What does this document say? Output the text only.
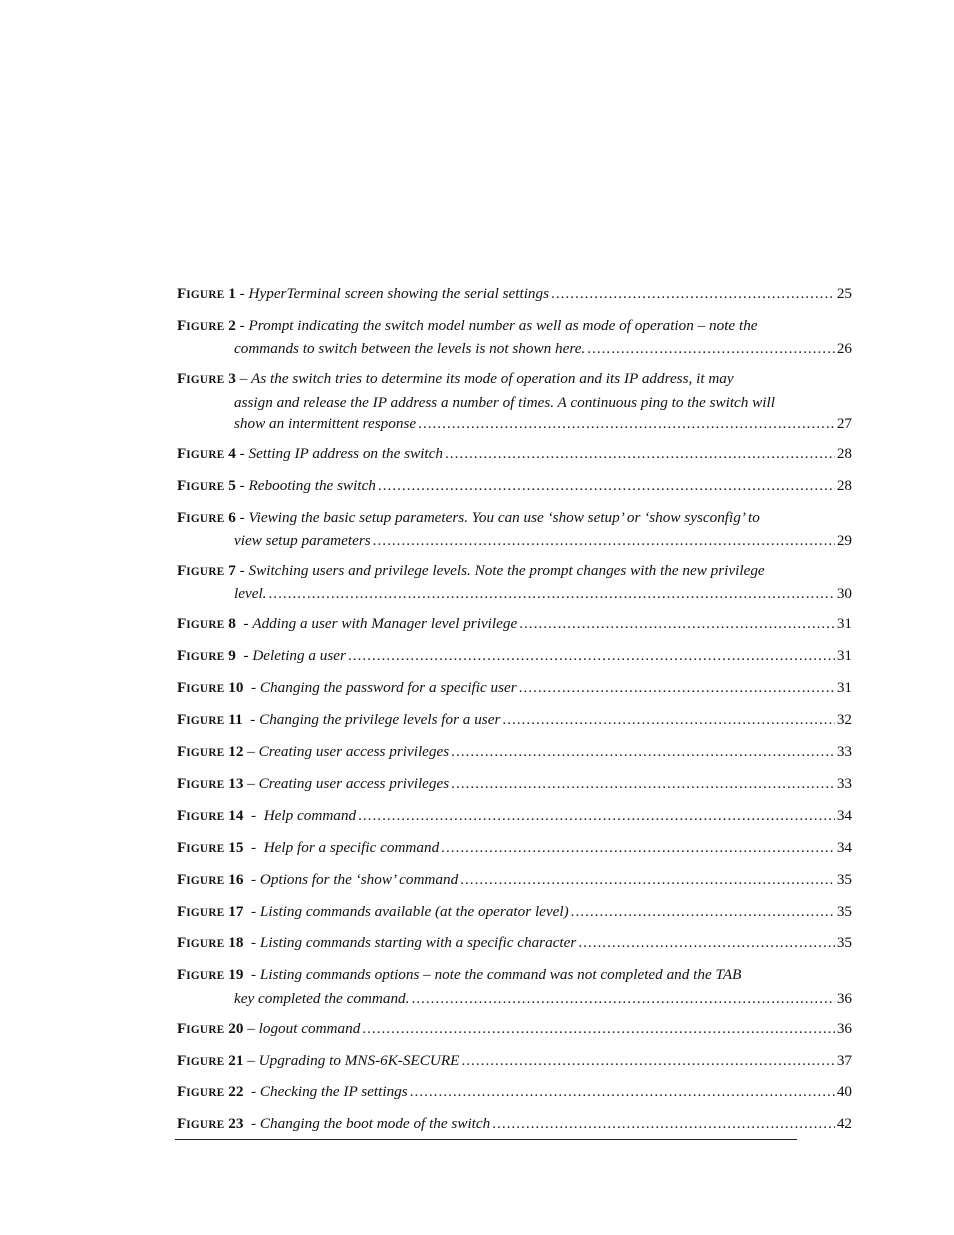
FIGURE 1 - HyperTerminal screen showing the serial settings .....	25
FIGURE 2 - Prompt indicating the switch model number as well as mode of operation – note the
commands to switch between the levels is not shown here. .....	26
FIGURE 3 – As the switch tries to determine its mode of operation and its IP address, it may
assign and release the IP address a number of times. A continuous ping to the switch will
show an intermittent response .....	27
FIGURE 4 - Setting IP address on the switch .....	28
FIGURE 5 - Rebooting the switch .....	28
FIGURE 6 - Viewing the basic setup parameters. You can use ‘show setup’ or ‘show sysconfig’ to
view setup parameters .....	29
FIGURE 7 - Switching users and privilege levels. Note the prompt changes with the new privilege
level. .....	30
FIGURE 8  - Adding a user with Manager level privilege .....	31
FIGURE 9  - Deleting a user .....	31
FIGURE 10  - Changing the password for a specific user .....	31
FIGURE 11  - Changing the privilege levels for a user .....	32
FIGURE 12 – Creating user access privileges .....	33
FIGURE 13 – Creating user access privileges .....	33
FIGURE 14  - Help command .....	34
FIGURE 15  - Help for a specific command .....	34
FIGURE 16  - Options for the ‘show’ command .....	35
FIGURE 17  - Listing commands available (at the operator level) .....	35
FIGURE 18  - Listing commands starting with a specific character .....	35
FIGURE 19  - Listing commands options – note the command was not completed and the TAB
key completed the command. .....	36
FIGURE 20 – logout command .....	36
FIGURE 21 – Upgrading to MNS-6K-SECURE .....	37
FIGURE 22  - Checking the IP settings .....	40
FIGURE 23  - Changing the boot mode of the switch .....	42
